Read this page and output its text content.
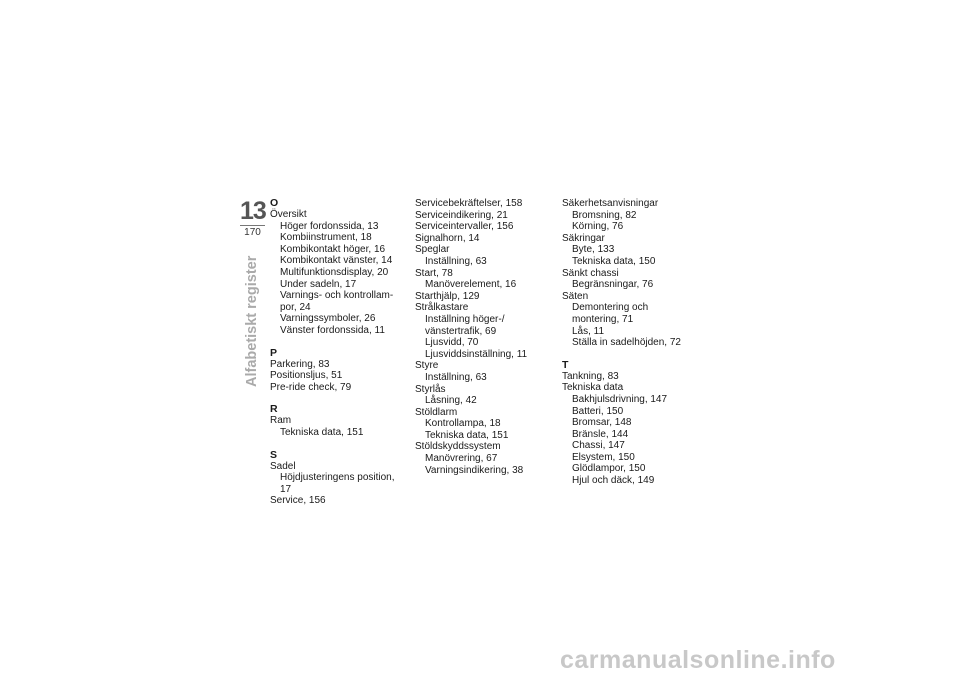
13
170
Alfabetiskt register
O
Översikt
Höger fordonssida, 13
Kombiinstrument, 18
Kombikontakt höger, 16
Kombikontakt vänster, 14
Multifunktionsdisplay, 20
Under sadeln, 17
Varnings- och kontrollam-
por, 24
Varningssymboler, 26
Vänster fordonssida, 11
P
Parkering, 83
Positionsljus, 51
Pre-ride check, 79
R
Ram
Tekniska data, 151
S
Sadel
Höjdjusteringens position, 17
Service, 156
Servicebekräftelser, 158
Serviceindikering, 21
Serviceintervaller, 156
Signalhorn, 14
Speglar
Inställning, 63
Start, 78
Manöverelement, 16
Starthjälp, 129
Strålkastare
Inställning höger-/
vänstertrafik, 69
Ljusvidd, 70
Ljusviddsinställning, 11
Styre
Inställning, 63
Styrlås
Låsning, 42
Stöldlarm
Kontrollampa, 18
Tekniska data, 151
Stöldskyddssystem
Manövrering, 67
Varningsindikering, 38
Säkerhetsanvisningar
Bromsning, 82
Körning, 76
Säkringar
Byte, 133
Tekniska data, 150
Sänkt chassi
Begränsningar, 76
Säten
Demontering och
montering, 71
Lås, 11
Ställa in sadelhöjden, 72
T
Tankning, 83
Tekniska data
Bakhjulsdrivning, 147
Batteri, 150
Bromsar, 148
Bränsle, 144
Chassi, 147
Elsystem, 150
Glödlampor, 150
Hjul och däck, 149
carmanualsonline.info
